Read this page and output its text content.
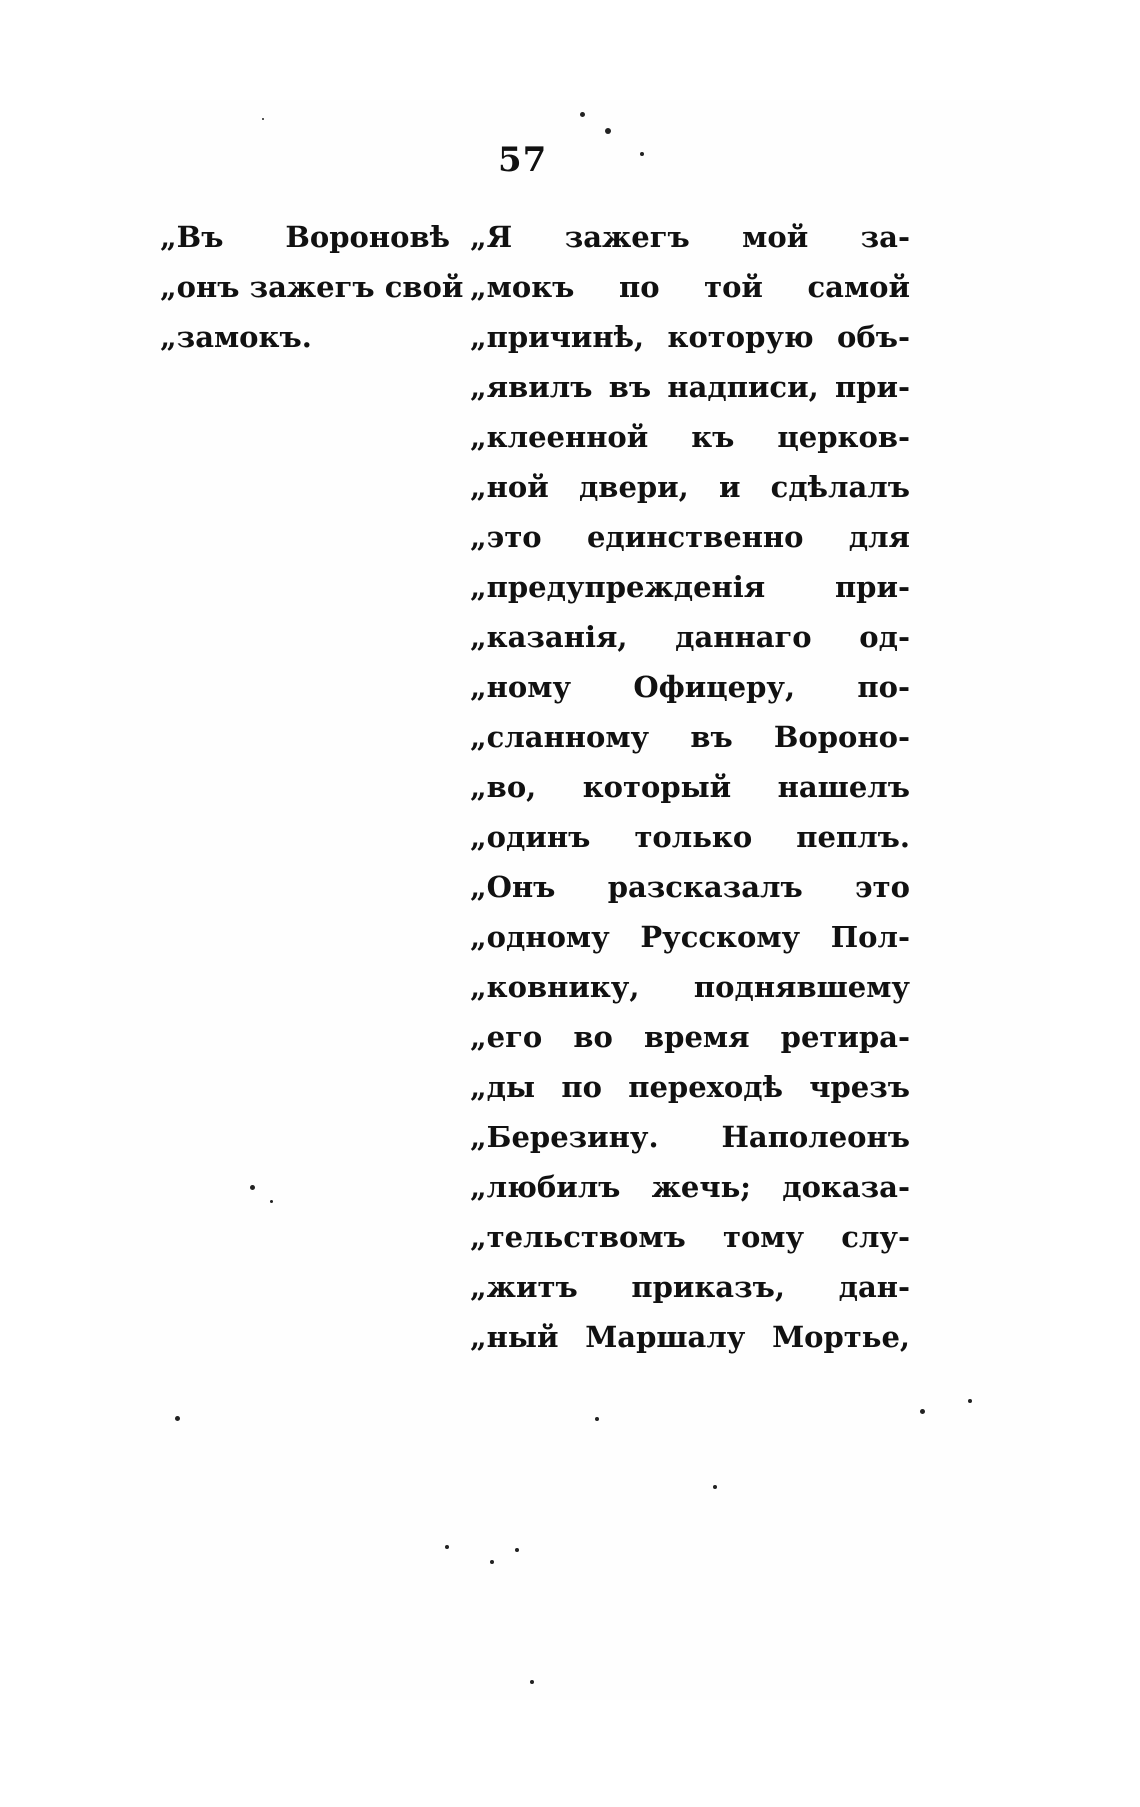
57
„Въ Вороновѣ
„онъ зажегъ свой
„замокъ.
„Я зажегъ мой за-
„мокъ по той самой
„причинѣ, которую объ-
„явилъ въ надписи, при-
„клеенной къ церков-
„ной двери, и сдѣлалъ
„это единственно для
„предупрежденія при-
„казанія, даннаго од-
„ному Офицеру, по-
„сланному въ Вороно-
„во, который нашелъ
„одинъ только пеплъ.
„Онъ разсказалъ это
„одному Русскому Пол-
„ковнику, поднявшему
„его во время ретира-
„ды по переходѣ чрезъ
„Березину. Наполеонъ
„любилъ жечь; доказа-
„тельствомъ тому слу-
„житъ приказъ, дан-
„ный Маршалу Мортье,
